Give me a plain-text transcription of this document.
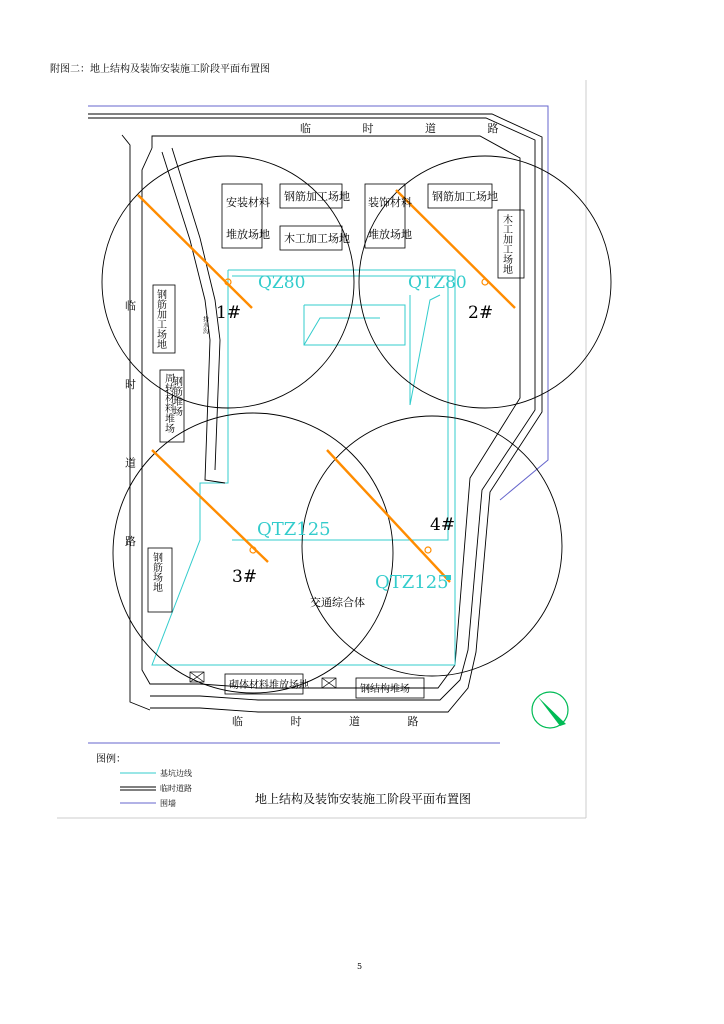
附图二：地上结构及装饰安装施工阶段平面布置图
排水沟
QZ80
1#
QTZ80
2#
QTZ125
3#	QTZ125
4#
安装材料
堆放场地
钢筋加工场地
木工加工场地
装饰材料
堆放场地
钢筋加工场地
木工加工场地
钢筋加工场地
周转材料堆场
钢筋堆场
钢筋场地
砌体材料堆放场地	钢结构堆场
交通综合体
临 时 道 路
临 时 道 路
临 时 道 路
图例：
基坑边线
临时道路
围墙	地上结构及装饰安装施工阶段平面布置图
5
